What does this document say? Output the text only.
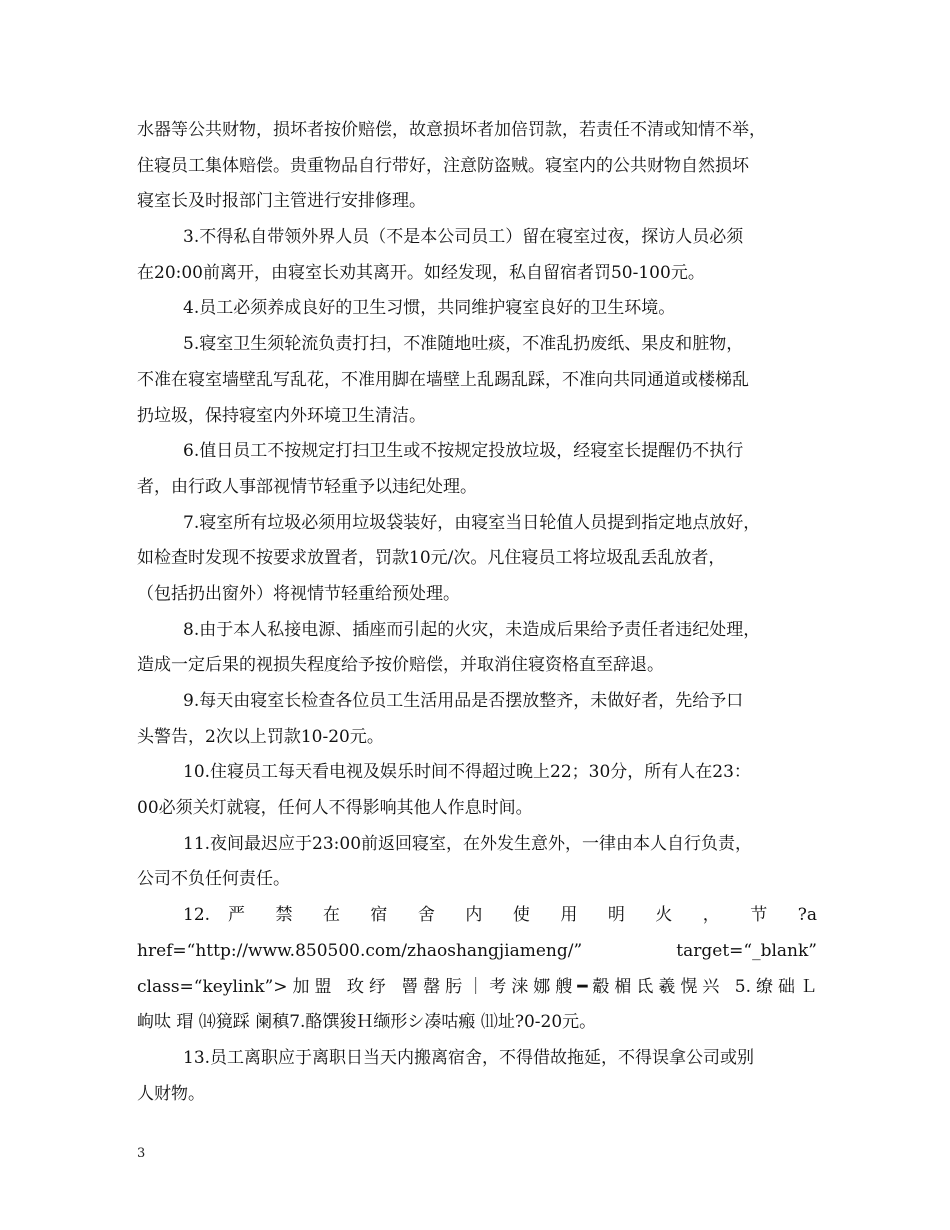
水器等公共财物，损坏者按价赔偿，故意损坏者加倍罚款，若责任不清或知情不举，
住寝员工集体赔偿。贵重物品自行带好，注意防盗贼。寝室内的公共财物自然损坏
寝室长及时报部门主管进行安排修理。
3.不得私自带领外界人员（不是本公司员工）留在寝室过夜，探访人员必须
在20:00前离开，由寝室长劝其离开。如经发现，私自留宿者罚50-100元。
4.员工必须养成良好的卫生习惯，共同维护寝室良好的卫生环境。
5.寝室卫生须轮流负责打扫，不准随地吐痰，不准乱扔废纸、果皮和脏物，
不准在寝室墙壁乱写乱花，不准用脚在墙壁上乱踢乱踩，不准向共同通道或楼梯乱
扔垃圾，保持寝室内外环境卫生清洁。
6.值日员工不按规定打扫卫生或不按规定投放垃圾，经寝室长提醒仍不执行
者，由行政人事部视情节轻重予以违纪处理。
7.寝室所有垃圾必须用垃圾袋装好，由寝室当日轮值人员提到指定地点放好，
如检查时发现不按要求放置者，罚款10元/次。凡住寝员工将垃圾乱丢乱放者，
（包括扔出窗外）将视情节轻重给预处理。
8.由于本人私接电源、插座而引起的火灾，未造成后果给予责任者违纪处理，
造成一定后果的视损失程度给予按价赔偿，并取消住寝资格直至辞退。
9.每天由寝室长检查各位员工生活用品是否摆放整齐，未做好者，先给予口
头警告，2次以上罚款10-20元。
10.住寝员工每天看电视及娱乐时间不得超过晚上22；30分，所有人在23：
00必须关灯就寝，任何人不得影响其他人作息时间。
11.夜间最迟应于23:00前返回寝室，在外发生意外，一律由本人自行负责，
公司不负任何责任。
12. 严 禁 在 宿 舍 内 使 用 明 火 ， 节 ?a
href=“http://www.850500.com/zhaoshangjiameng/” target=“_blank”
class=“keylink”>加盟 玫纾 罾罄肟｜考涞娜艘━觳楣氐羲愰兴 5.缭础Ｌ
岣呔 瑁 ⒁獍踩 阑稹7.酪馔狻Ｈ缬形シ凑咕瘢 ⑾址?0-20元。
13.员工离职应于离职日当天内搬离宿舍，不得借故拖延，不得误拿公司或别
人财物。
3
